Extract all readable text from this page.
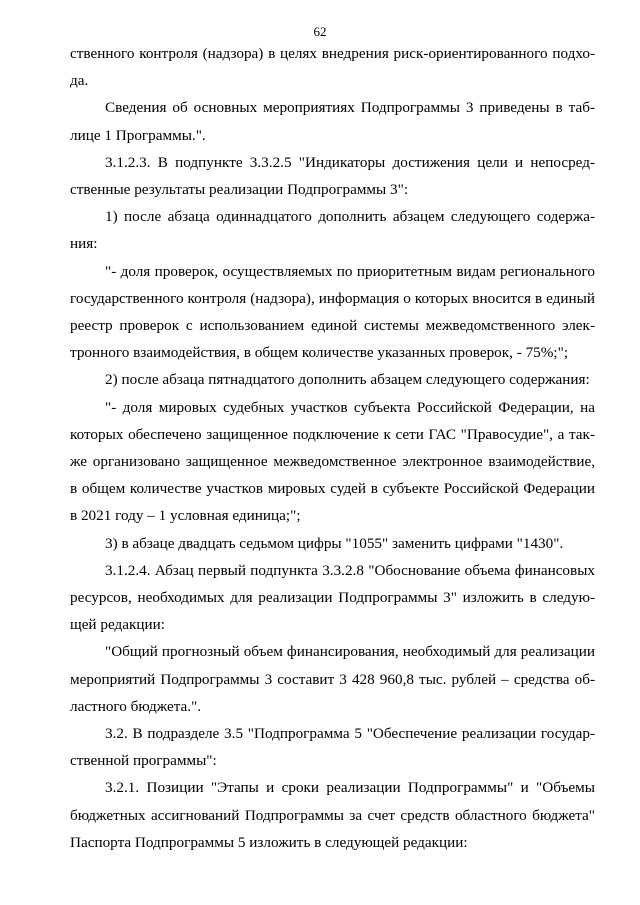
62

ственного контроля (надзора) в целях внедрения риск-ориентированного подхода.

Сведения об основных мероприятиях Подпрограммы 3 приведены в таблице 1 Программы.".

3.1.2.3. В подпункте 3.3.2.5 "Индикаторы достижения цели и непосредственные результаты реализации Подпрограммы 3":

1) после абзаца одиннадцатого дополнить абзацем следующего содержания:

"- доля проверок, осуществляемых по приоритетным видам регионального государственного контроля (надзора), информация о которых вносится в единый реестр проверок с использованием единой системы межведомственного электронного взаимодействия, в общем количестве указанных проверок, - 75%;";

2) после абзаца пятнадцатого дополнить абзацем следующего содержания:

"- доля мировых судебных участков субъекта Российской Федерации, на которых обеспечено защищенное подключение к сети ГАС "Правосудие", а также организовано защищенное межведомственное электронное взаимодействие, в общем количестве участков мировых судей в субъекте Российской Федерации в 2021 году – 1 условная единица;";

3) в абзаце двадцать седьмом цифры "1055" заменить цифрами "1430".

3.1.2.4. Абзац первый подпункта 3.3.2.8 "Обоснование объема финансовых ресурсов, необходимых для реализации Подпрограммы 3" изложить в следующей редакции:

"Общий прогнозный объем финансирования, необходимый для реализации мероприятий Подпрограммы 3 составит 3 428 960,8 тыс. рублей – средства областного бюджета.".

3.2. В подразделе 3.5 "Подпрограмма 5 "Обеспечение реализации государственной программы":

3.2.1. Позиции "Этапы и сроки реализации Подпрограммы" и "Объемы бюджетных ассигнований Подпрограммы за счет средств областного бюджета" Паспорта Подпрограммы 5 изложить в следующей редакции:
